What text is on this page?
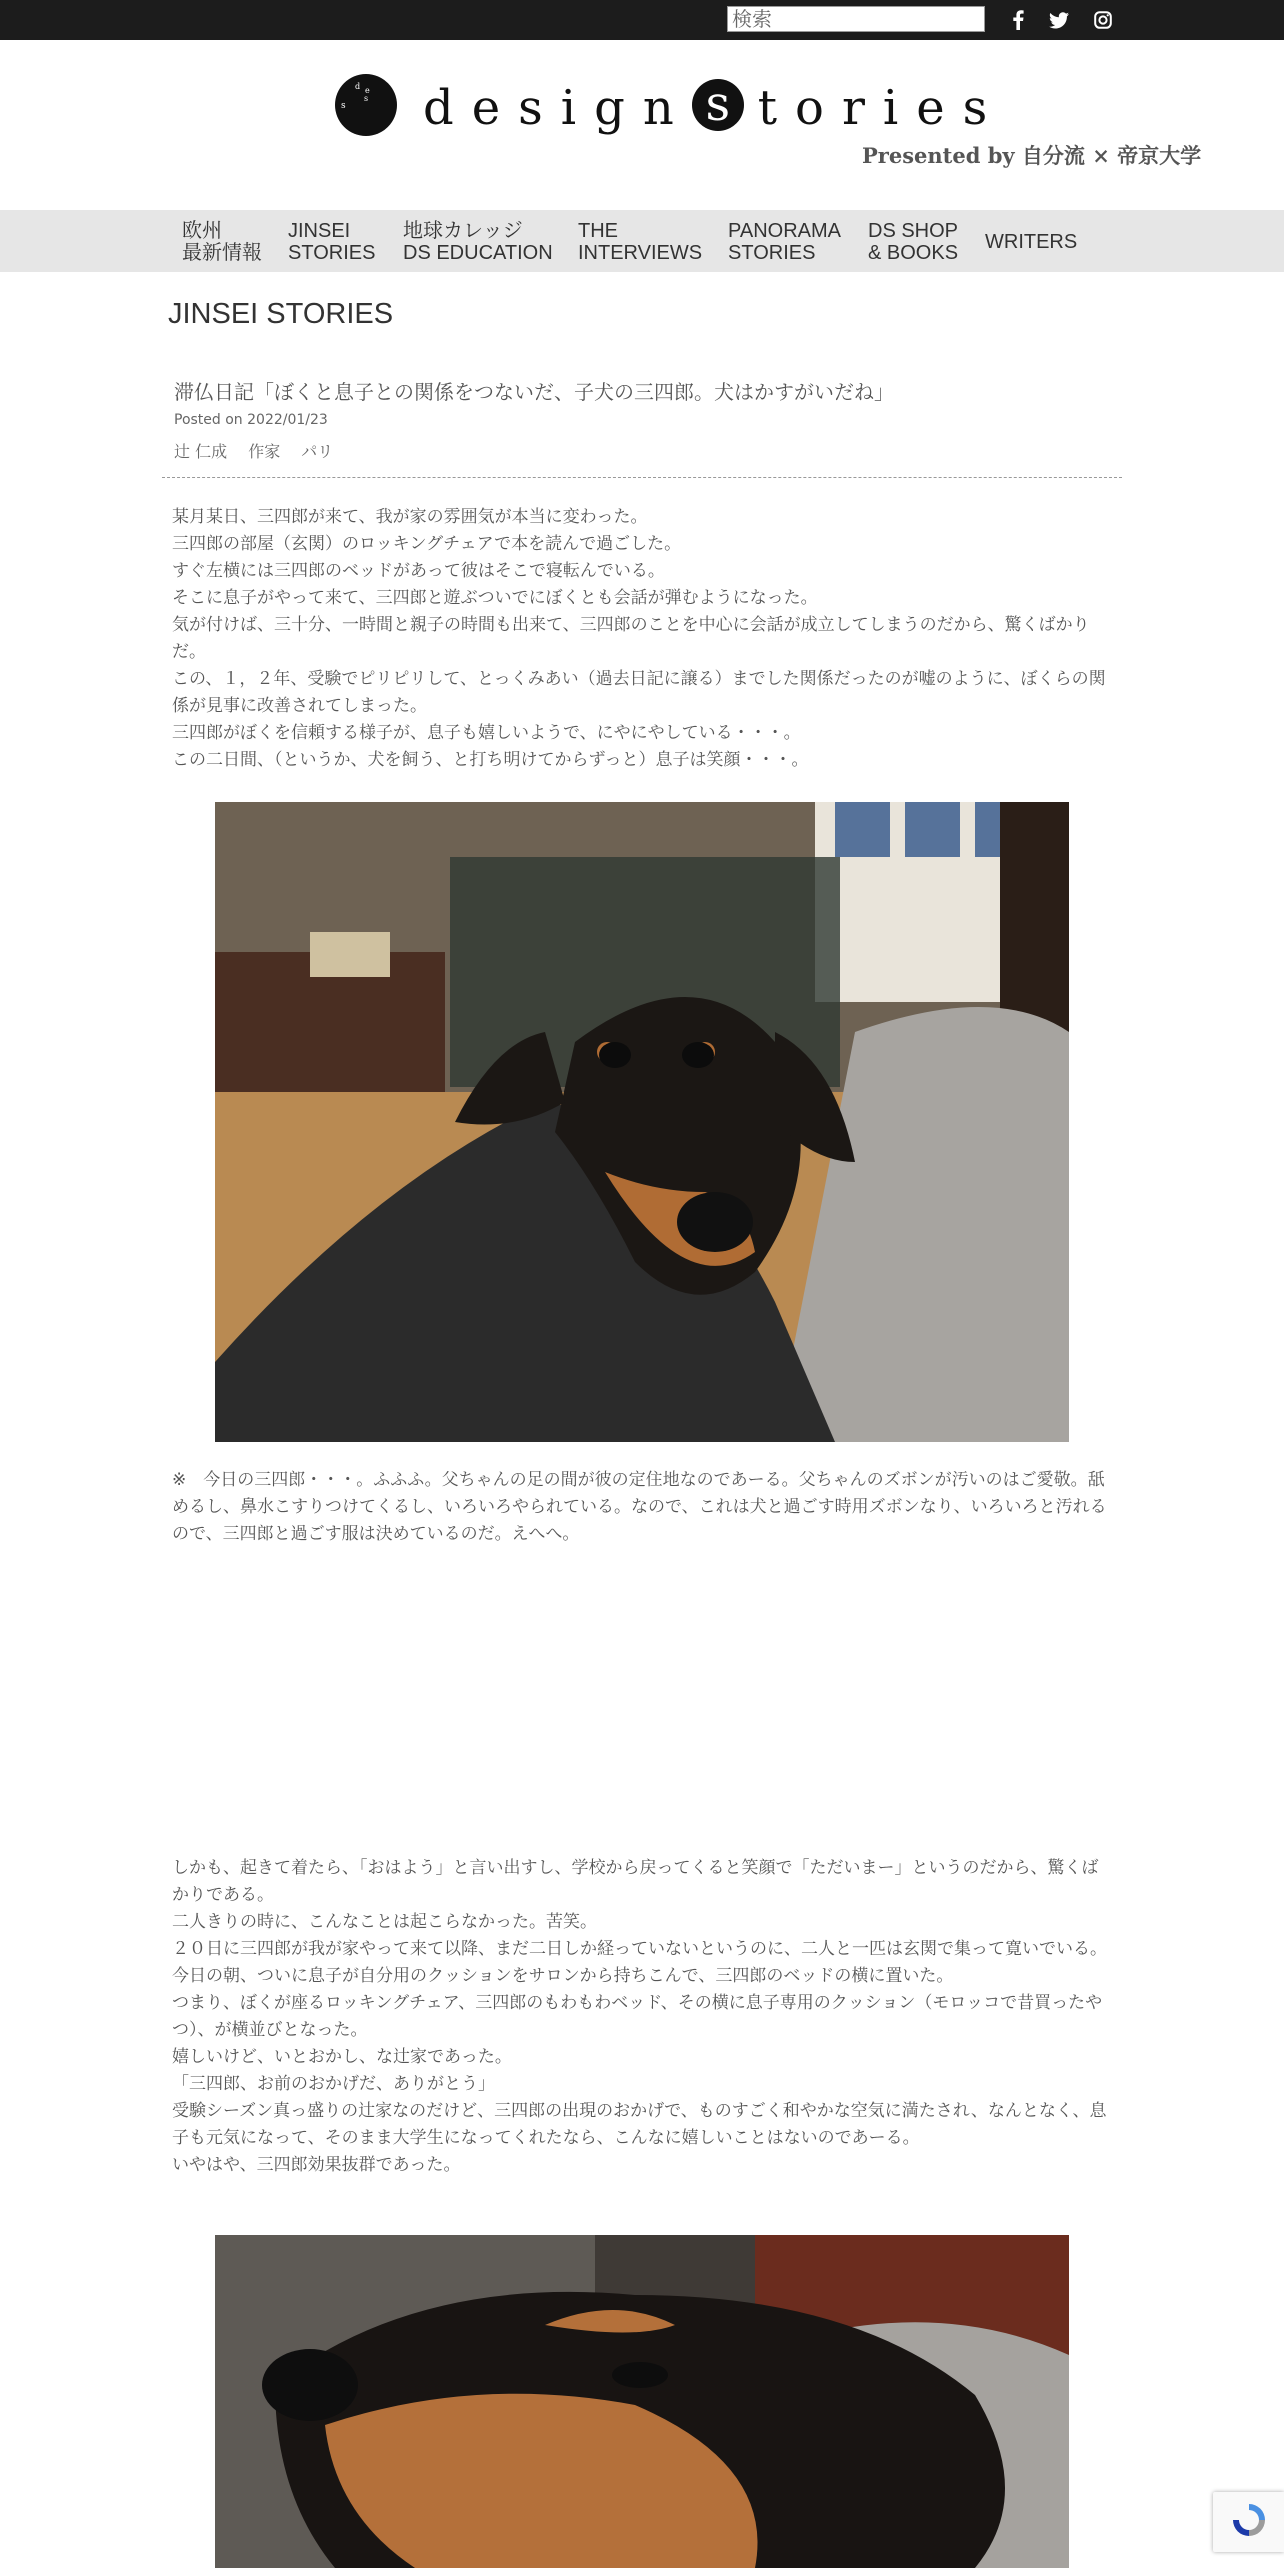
検索
d e
s
s design s tories
Presented by 自分流 × 帝京大学
欧州
最新情報
JINSEI
STORIES
地球カレッジ
DS EDUCATION
THE
INTERVIEWS
PANORAMA
STORIES
DS SHOP
& BOOKS WRITERS
JINSEI STORIES
滞仏日記「ぼくと息子との関係をつないだ、子犬の三四郎。犬はかすがいだね」
Posted on 2022/01/23
辻 仁成 作家 パリ

某月某日、三四郎が来て、我が家の雰囲気が本当に変わった。

三四郎の部屋（玄関）のロッキングチェアで本を読んで過ごした。

すぐ左横には三四郎のベッドがあって彼はそこで寝転んでいる。

そこに息子がやって来て、三四郎と遊ぶついでにぼくとも会話が弾むようになった。

気が付けば、三十分、一時間と親子の時間も出来て、三四郎のことを中心に会話が成立してしまうのだから、驚くばかりだ。

この、１，２年、受験でピリピリして、とっくみあい（過去日記に譲る）までした関係だったのが嘘のように、ぼくらの関係が見事に改善されてしまった。

三四郎がぼくを信頼する様子が、息子も嬉しいようで、にやにやしている・・・。

この二日間、（というか、犬を飼う、と打ち明けてからずっと）息子は笑顔・・・。

※　今日の三四郎・・・。ふふふ。父ちゃんの足の間が彼の定住地なのであーる。父ちゃんのズボンが汚いのはご愛敬。舐めるし、鼻水こすりつけてくるし、いろいろやられている。なので、これは犬と過ごす時用ズボンなり、いろいろと汚れるので、三四郎と過ごす服は決めているのだ。えへへ。

しかも、起きて着たら、「おはよう」と言い出すし、学校から戻ってくると笑顔で「ただいまー」というのだから、驚くばかりである。

二人きりの時に、こんなことは起こらなかった。苦笑。

２０日に三四郎が我が家やって来て以降、まだ二日しか経っていないというのに、二人と一匹は玄関で集って寛いでいる。

今日の朝、ついに息子が自分用のクッションをサロンから持ちこんで、三四郎のベッドの横に置いた。

つまり、ぼくが座るロッキングチェア、三四郎のもわもわベッド、その横に息子専用のクッション（モロッコで昔買ったやつ）、が横並びとなった。

嬉しいけど、いとおかし、な辻家であった。

「三四郎、お前のおかげだ、ありがとう」

受験シーズン真っ盛りの辻家なのだけど、三四郎の出現のおかげで、ものすごく和やかな空気に満たされ、なんとなく、息子も元気になって、そのまま大学生になってくれたなら、こんなに嬉しいことはないのであーる。

いやはや、三四郎効果抜群であった。
